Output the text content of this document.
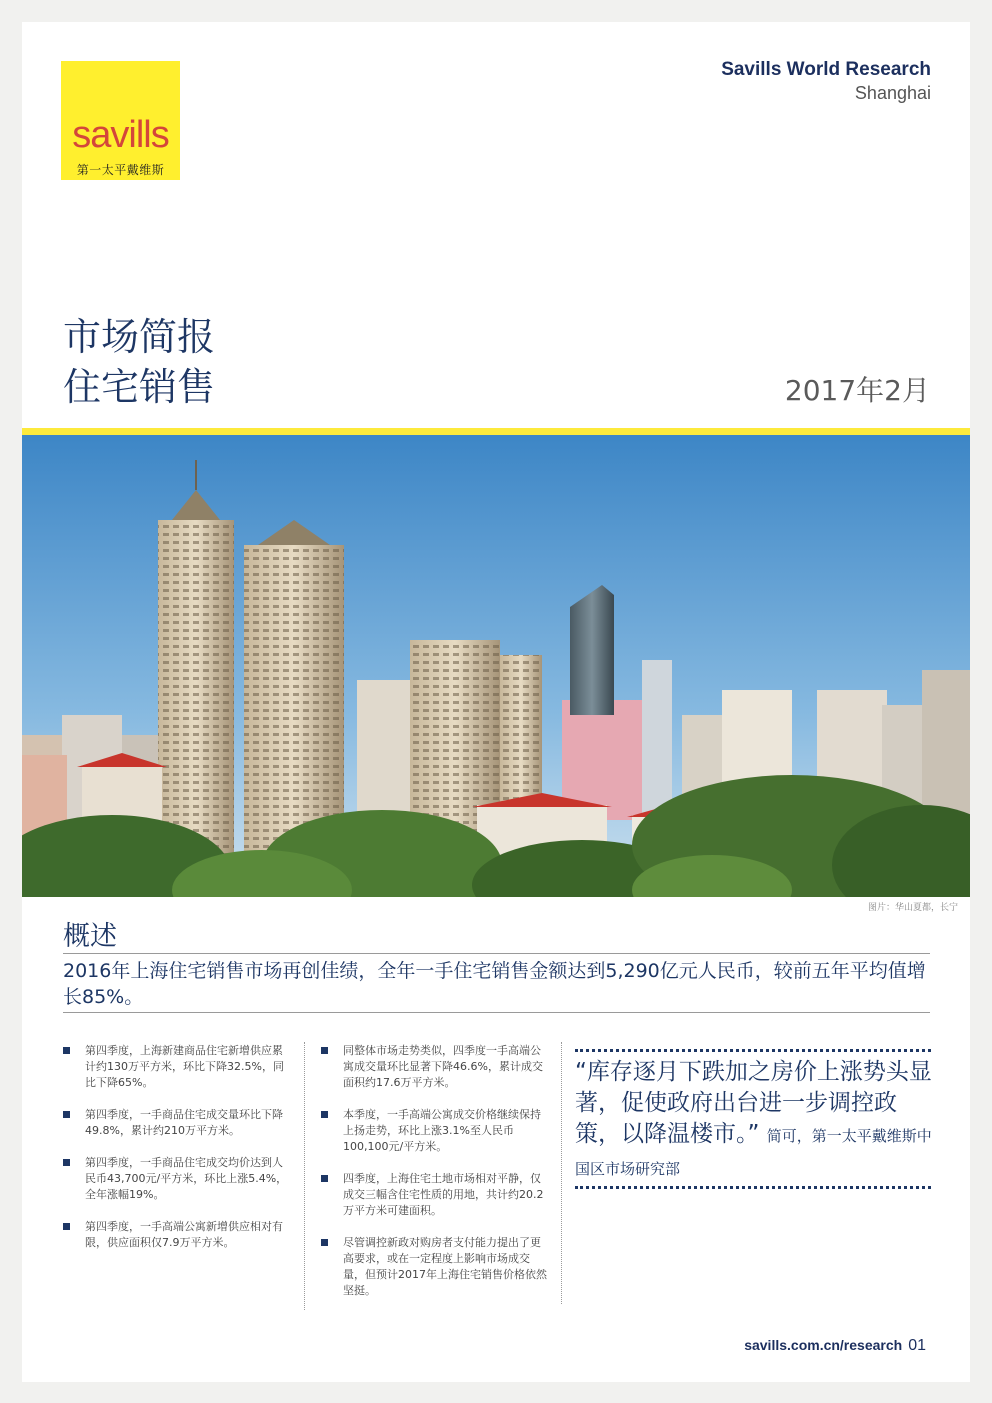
savills
第一太平戴维斯
Savills World Research
Shanghai
市场简报
住宅销售	2017年2月
图片：华山夏都，长宁
概述
2016年上海住宅销售市场再创佳绩，全年一手住宅销售金额达到5,290亿元人民币，较前五年平均值增长85%。
第四季度，上海新建商品住宅新增供应累计约130万平方米，环比下降32.5%，同比下降65%。
第四季度，一手商品住宅成交量环比下降49.8%，累计约210万平方米。
第四季度，一手商品住宅成交均价达到人民币43,700元/平方米，环比上涨5.4%，全年涨幅19%。
第四季度，一手高端公寓新增供应相对有限，供应面积仅7.9万平方米。
同整体市场走势类似，四季度一手高端公寓成交量环比显著下降46.6%，累计成交面积约17.6万平方米。
本季度，一手高端公寓成交价格继续保持上扬走势，环比上涨3.1%至人民币100,100元/平方米。
四季度，上海住宅土地市场相对平静，仅成交三幅含住宅性质的用地，共计约20.2万平方米可建面积。
尽管调控新政对购房者支付能力提出了更高要求，或在一定程度上影响市场成交量，但预计2017年上海住宅销售价格依然坚挺。
“库存逐月下跌加之房价上涨势头显著，促使政府出台进一步调控政策，以降温楼市。” 简可，第一太平戴维斯中国区市场研究部
savills.com.cn/research 01
